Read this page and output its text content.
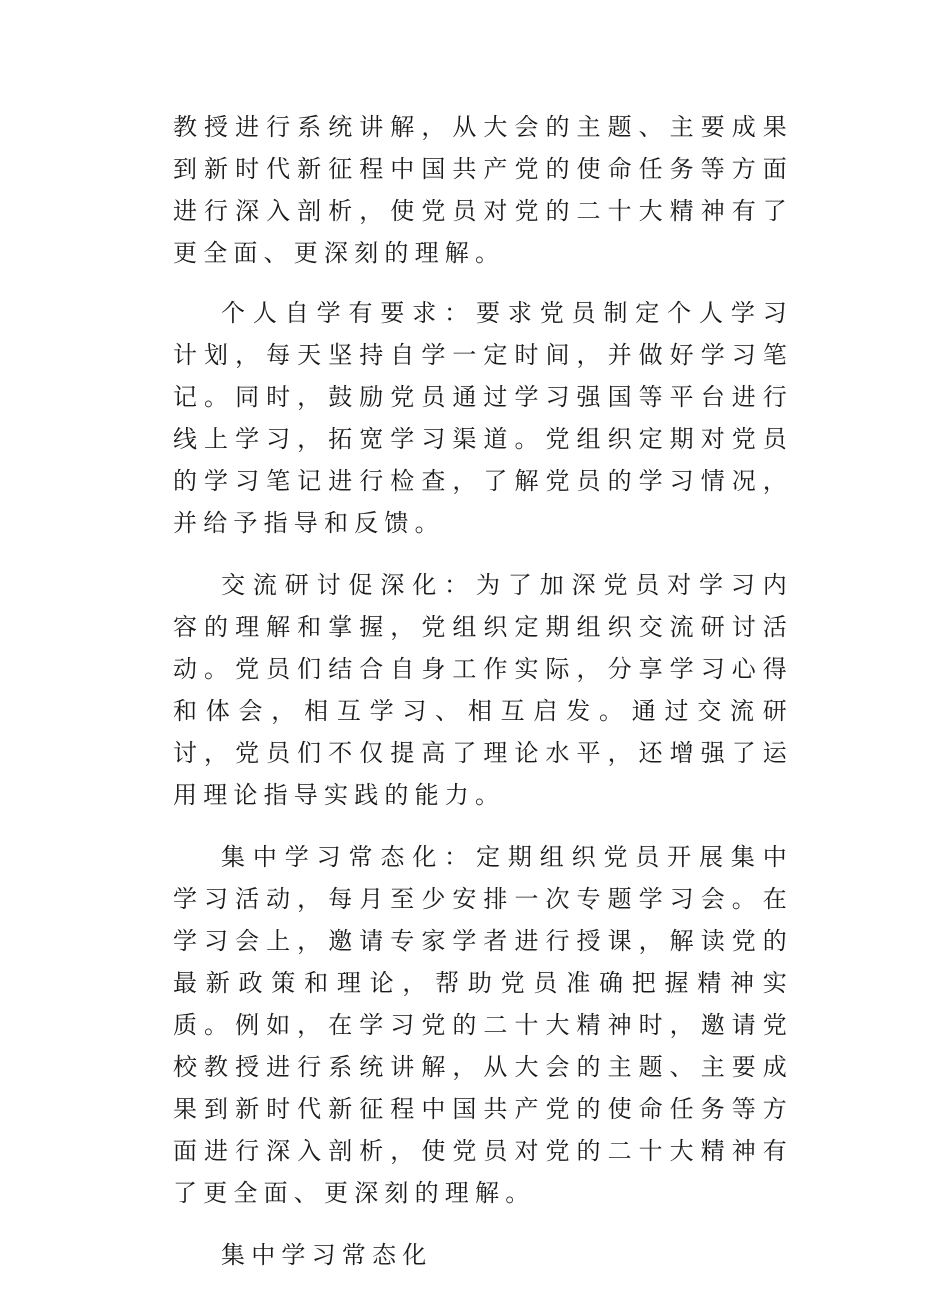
教授进行系统讲解，从大会的主题、主要成果到新时代新征程中国共产党的使命任务等方面进行深入剖析，使党员对党的二十大精神有了更全面、更深刻的理解。

个人自学有要求：要求党员制定个人学习计划，每天坚持自学一定时间，并做好学习笔记。同时，鼓励党员通过学习强国等平台进行线上学习，拓宽学习渠道。党组织定期对党员的学习笔记进行检查，了解党员的学习情况，并给予指导和反馈。

交流研讨促深化：为了加深党员对学习内容的理解和掌握，党组织定期组织交流研讨活动。党员们结合自身工作实际，分享学习心得和体会，相互学习、相互启发。通过交流研讨，党员们不仅提高了理论水平，还增强了运用理论指导实践的能力。

集中学习常态化：定期组织党员开展集中学习活动，每月至少安排一次专题学习会。在学习会上，邀请专家学者进行授课，解读党的最新政策和理论，帮助党员准确把握精神实质。例如，在学习党的二十大精神时，邀请党校教授进行系统讲解，从大会的主题、主要成果到新时代新征程中国共产党的使命任务等方面进行深入剖析，使党员对党的二十大精神有了更全面、更深刻的理解。

集中学习常态化
